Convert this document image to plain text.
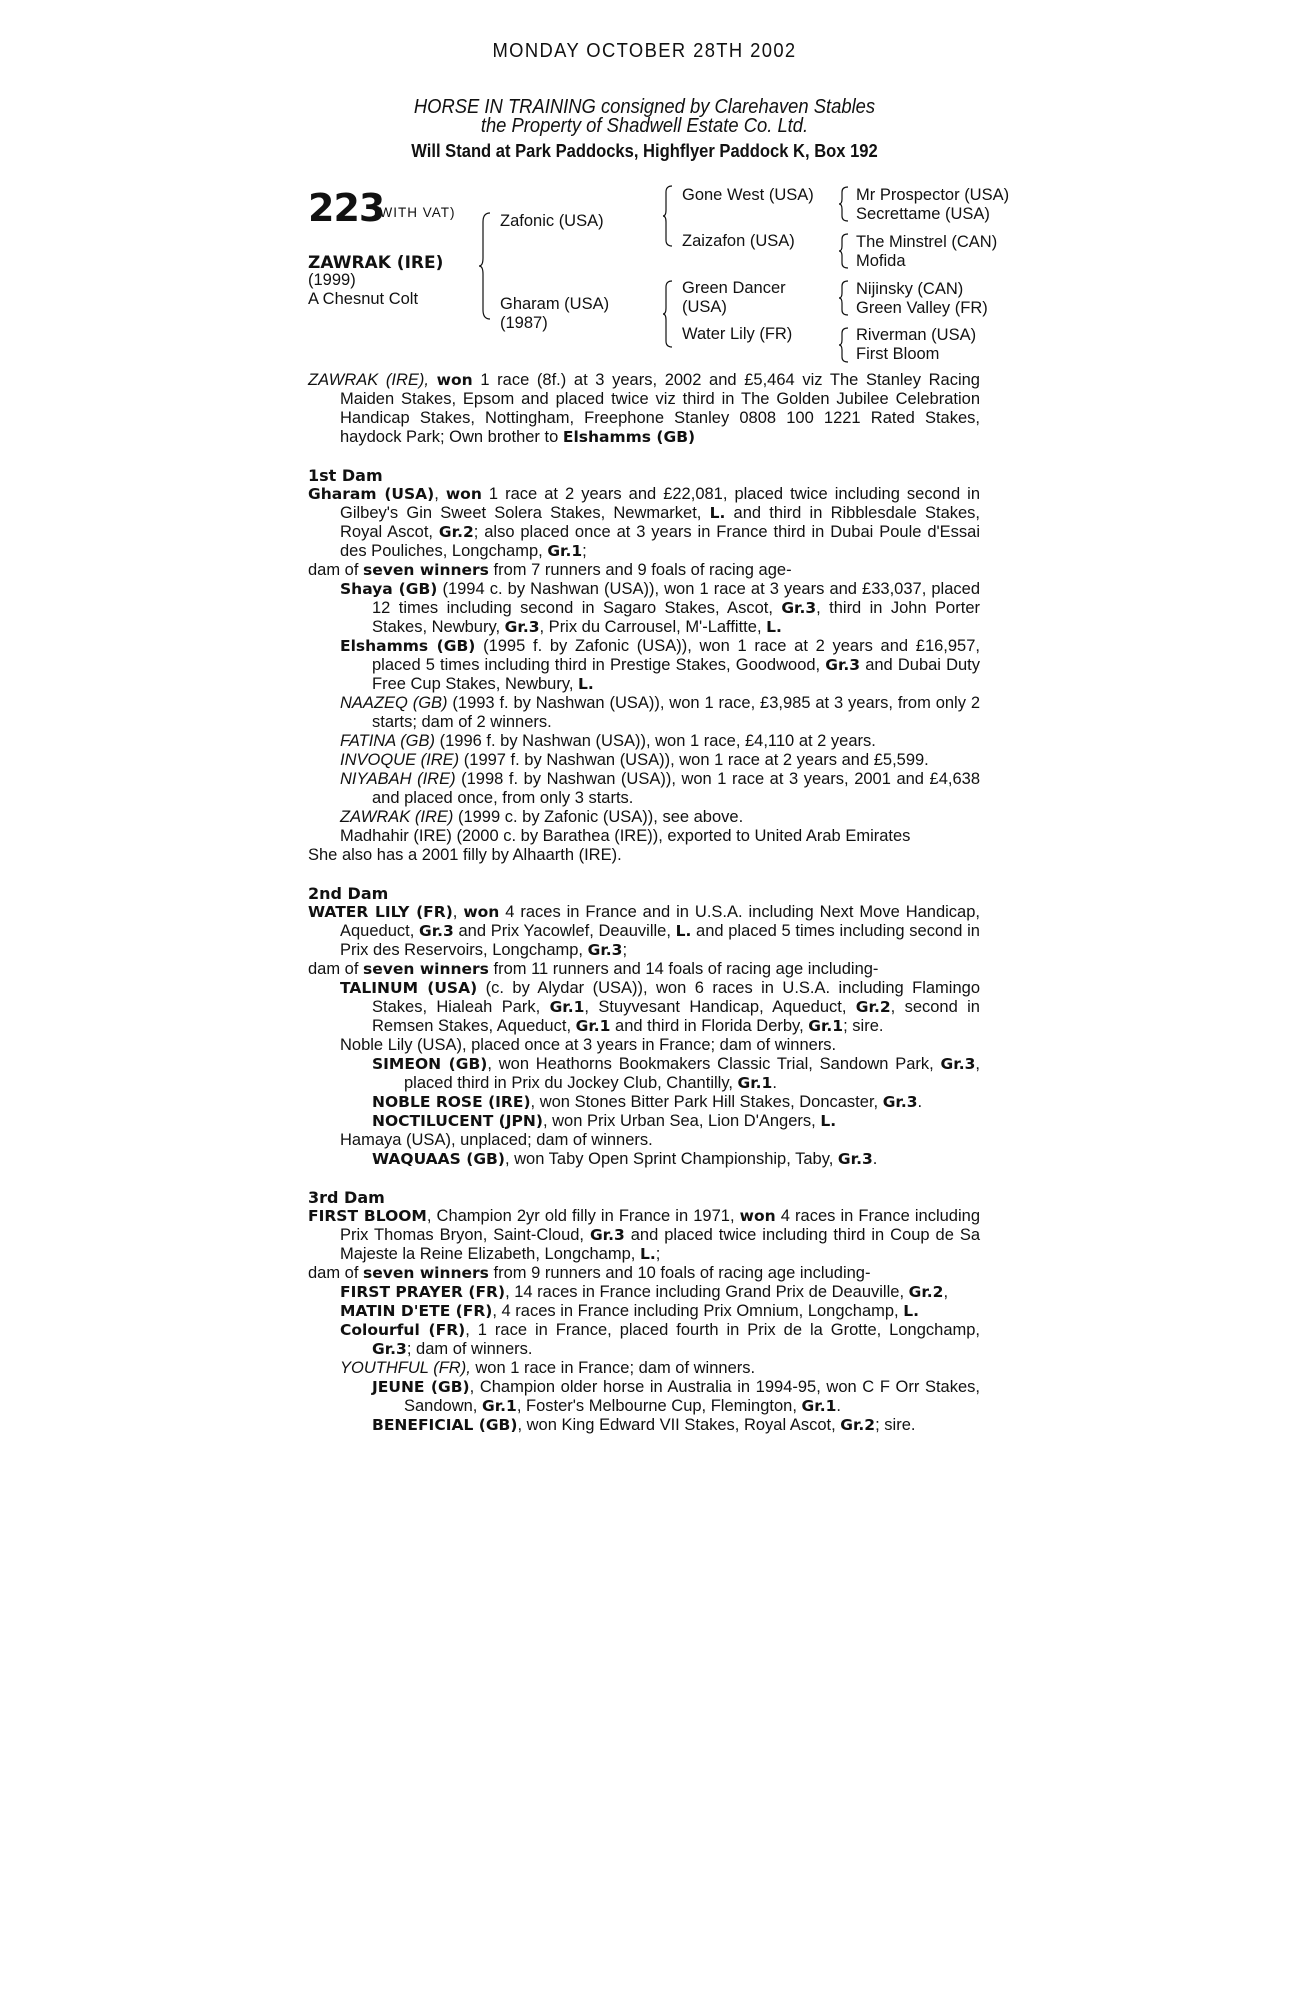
MONDAY OCTOBER 28TH 2002
HORSE IN TRAINING consigned by Clarehaven Stables
the Property of Shadwell Estate Co. Ltd.
Will Stand at Park Paddocks, Highflyer Paddock K, Box 192
223
(WITH VAT)
ZAWRAK (IRE)
(1999)
A Chesnut Colt
Zafonic (USA)
Gharam (USA)
(1987)
Gone West (USA)
Zaizafon (USA)
Green Dancer
(USA)
Water Lily (FR)
Mr Prospector (USA)
Secrettame (USA)
The Minstrel (CAN)
Mofida
Nijinsky (CAN)
Green Valley (FR)
Riverman (USA)
First Bloom

ZAWRAK (IRE), won 1 race (8f.) at 3 years, 2002 and £5,464 viz The Stanley Racing Maiden Stakes, Epsom and placed twice viz third in The Golden Jubilee Celebration Handicap Stakes, Nottingham, Freephone Stanley 0808 100 1221 Rated Stakes, haydock Park; Own brother to Elshamms (GB)

1st Dam

Gharam (USA), won 1 race at 2 years and £22,081, placed twice including second in Gilbey's Gin Sweet Solera Stakes, Newmarket, L. and third in Ribblesdale Stakes, Royal Ascot, Gr.2; also placed once at 3 years in France third in Dubai Poule d'Essai des Pouliches, Longchamp, Gr.1;

dam of seven winners from 7 runners and 9 foals of racing age-

Shaya (GB) (1994 c. by Nashwan (USA)), won 1 race at 3 years and £33,037, placed 12 times including second in Sagaro Stakes, Ascot, Gr.3, third in John Porter Stakes, Newbury, Gr.3, Prix du Carrousel, M'-Laffitte, L.

Elshamms (GB) (1995 f. by Zafonic (USA)), won 1 race at 2 years and £16,957, placed 5 times including third in Prestige Stakes, Goodwood, Gr.3 and Dubai Duty Free Cup Stakes, Newbury, L.

NAAZEQ (GB) (1993 f. by Nashwan (USA)), won 1 race, £3,985 at 3 years, from only 2 starts; dam of 2 winners.

FATINA (GB) (1996 f. by Nashwan (USA)), won 1 race, £4,110 at 2 years.

INVOQUE (IRE) (1997 f. by Nashwan (USA)), won 1 race at 2 years and £5,599.

NIYABAH (IRE) (1998 f. by Nashwan (USA)), won 1 race at 3 years, 2001 and £4,638 and placed once, from only 3 starts.

ZAWRAK (IRE) (1999 c. by Zafonic (USA)), see above.

Madhahir (IRE) (2000 c. by Barathea (IRE)), exported to United Arab Emirates

She also has a 2001 filly by Alhaarth (IRE).

2nd Dam

WATER LILY (FR), won 4 races in France and in U.S.A. including Next Move Handicap, Aqueduct, Gr.3 and Prix Yacowlef, Deauville, L. and placed 5 times including second in Prix des Reservoirs, Longchamp, Gr.3;

dam of seven winners from 11 runners and 14 foals of racing age including-

TALINUM (USA) (c. by Alydar (USA)), won 6 races in U.S.A. including Flamingo Stakes, Hialeah Park, Gr.1, Stuyvesant Handicap, Aqueduct, Gr.2, second in Remsen Stakes, Aqueduct, Gr.1 and third in Florida Derby, Gr.1; sire.

Noble Lily (USA), placed once at 3 years in France; dam of winners.

SIMEON (GB), won Heathorns Bookmakers Classic Trial, Sandown Park, Gr.3, placed third in Prix du Jockey Club, Chantilly, Gr.1.

NOBLE ROSE (IRE), won Stones Bitter Park Hill Stakes, Doncaster, Gr.3.

NOCTILUCENT (JPN), won Prix Urban Sea, Lion D'Angers, L.

Hamaya (USA), unplaced; dam of winners.

WAQUAAS (GB), won Taby Open Sprint Championship, Taby, Gr.3.

3rd Dam

FIRST BLOOM, Champion 2yr old filly in France in 1971, won 4 races in France including Prix Thomas Bryon, Saint-Cloud, Gr.3 and placed twice including third in Coup de Sa Majeste la Reine Elizabeth, Longchamp, L.;

dam of seven winners from 9 runners and 10 foals of racing age including-

FIRST PRAYER (FR), 14 races in France including Grand Prix de Deauville, Gr.2,

MATIN D'ETE (FR), 4 races in France including Prix Omnium, Longchamp, L.

Colourful (FR), 1 race in France, placed fourth in Prix de la Grotte, Longchamp, Gr.3; dam of winners.

YOUTHFUL (FR), won 1 race in France; dam of winners.

JEUNE (GB), Champion older horse in Australia in 1994-95, won C F Orr Stakes, Sandown, Gr.1, Foster's Melbourne Cup, Flemington, Gr.1.

BENEFICIAL (GB), won King Edward VII Stakes, Royal Ascot, Gr.2; sire.
